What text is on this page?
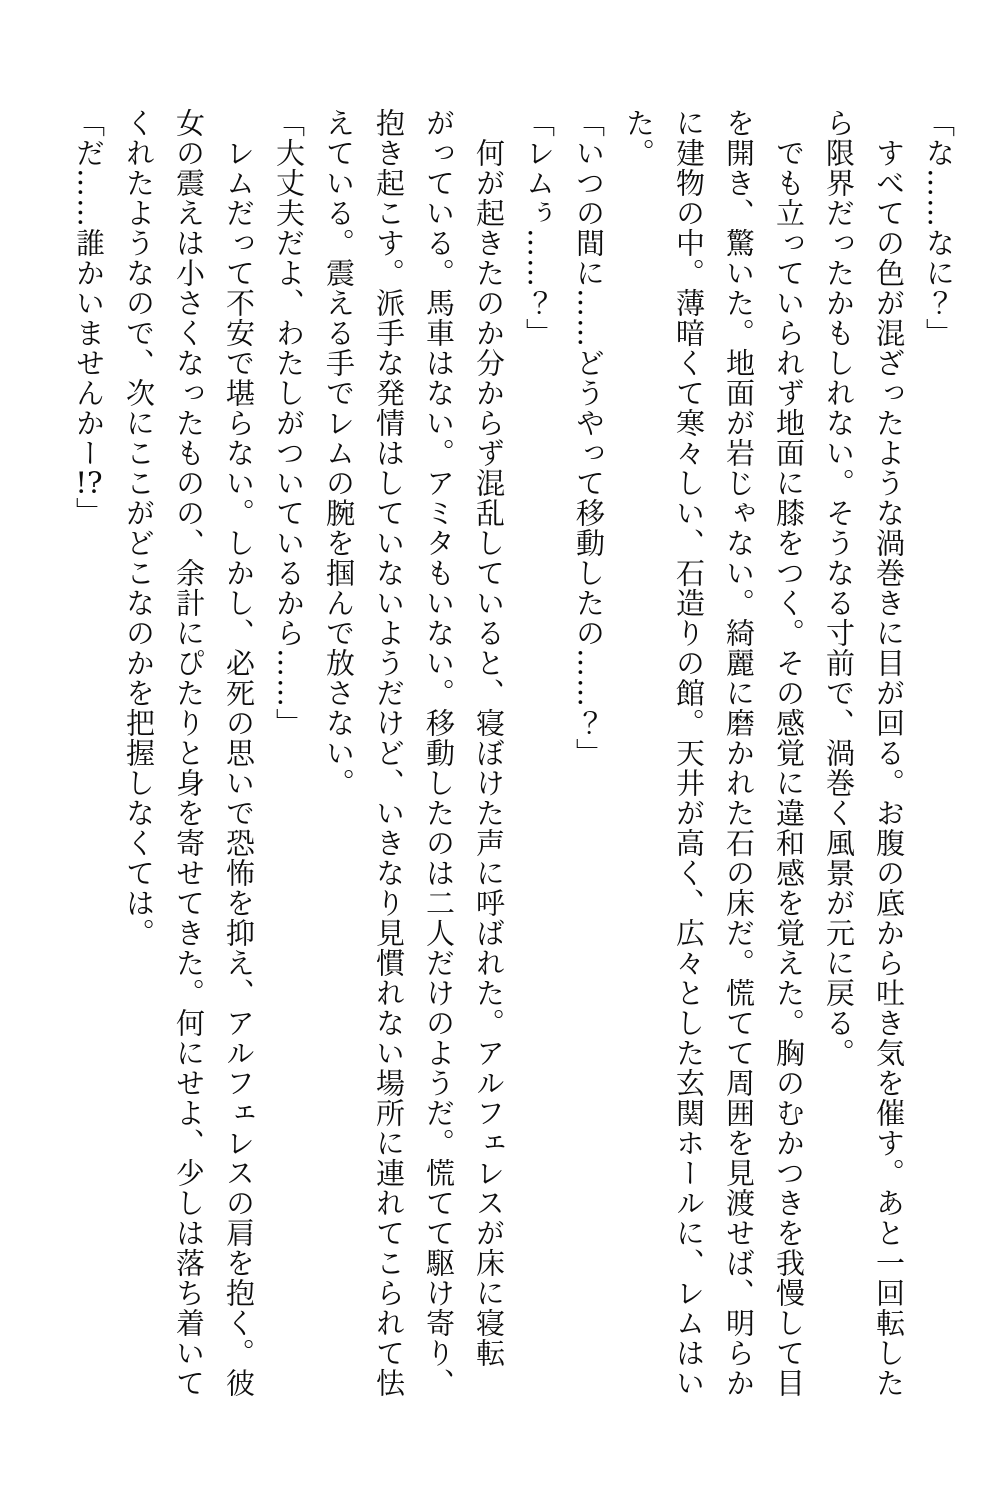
「な……なに？」

　すべての色が混ざったような渦巻きに目が回る。お腹の底から吐き気を催す。あと一回転したら限界だったかもしれない。そうなる寸前で、渦巻く風景が元に戻る。

　でも立っていられず地面に膝をつく。その感覚に違和感を覚えた。胸のむかつきを我慢して目を開き、驚いた。地面が岩じゃない。綺麗に磨かれた石の床だ。慌てて周囲を見渡せば、明らかに建物の中。薄暗くて寒々しい、石造りの館。天井が高く、広々とした玄関ホールに、レムはいた。

「いつの間に……どうやって移動したの……？」

「レムぅ……？」

　何が起きたのか分からず混乱していると、寝ぼけた声に呼ばれた。アルフェレスが床に寝転がっている。馬車はない。アミタもいない。移動したのは二人だけのようだ。慌てて駆け寄り、抱き起こす。派手な発情はしていないようだけど、いきなり見慣れない場所に連れてこられて怯えている。震える手でレムの腕を掴んで放さない。

「大丈夫だよ、わたしがついているから……」

　レムだって不安で堪らない。しかし、必死の思いで恐怖を抑え、アルフェレスの肩を抱く。彼女の震えは小さくなったものの、余計にぴたりと身を寄せてきた。何にせよ、少しは落ち着いてくれたようなので、次にここがどこなのかを把握しなくては。

「だ……誰かいませんかー!?」
